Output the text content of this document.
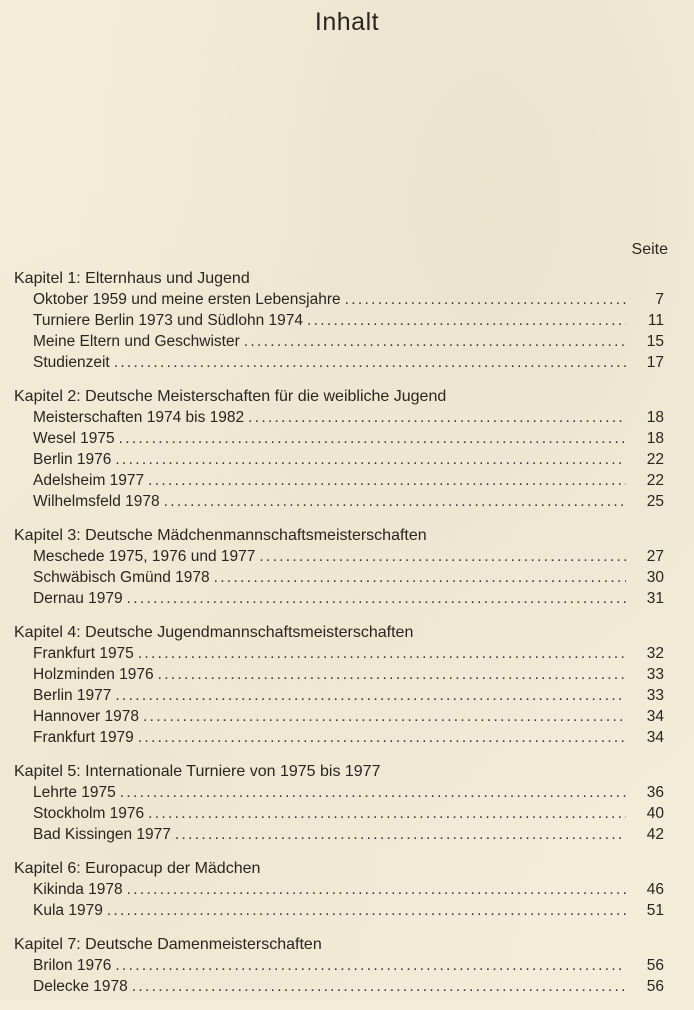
Inhalt
Seite
Kapitel 1: Elternhaus und Jugend
Oktober 1959 und meine ersten Lebensjahre . . .	7
Turniere Berlin 1973 und Südlohn 1974 . . .	11
Meine Eltern und Geschwister . . .	15
Studienzeit . . .	17
Kapitel 2: Deutsche Meisterschaften für die weibliche Jugend
Meisterschaften 1974 bis 1982 . . .	18
Wesel 1975 . . .	18
Berlin 1976 . . .	22
Adelsheim 1977 . . .	22
Wilhelmsfeld 1978 . . .	25
Kapitel 3: Deutsche Mädchenmannschaftsmeisterschaften
Meschede 1975, 1976 und 1977 . . .	27
Schwäbisch Gmünd 1978 . . .	30
Dernau 1979 . . .	31
Kapitel 4: Deutsche Jugendmannschaftsmeisterschaften
Frankfurt 1975 . . .	32
Holzminden 1976 . . .	33
Berlin 1977 . . .	33
Hannover 1978 . . .	34
Frankfurt 1979 . . .	34
Kapitel 5: Internationale Turniere von 1975 bis 1977
Lehrte 1975 . . .	36
Stockholm 1976 . . .	40
Bad Kissingen 1977 . . .	42
Kapitel 6: Europacup der Mädchen
Kikinda 1978 . . .	46
Kula 1979 . . .	51
Kapitel 7: Deutsche Damenmeisterschaften
Brilon 1976 . . .	56
Delecke 1978 . . .	56
